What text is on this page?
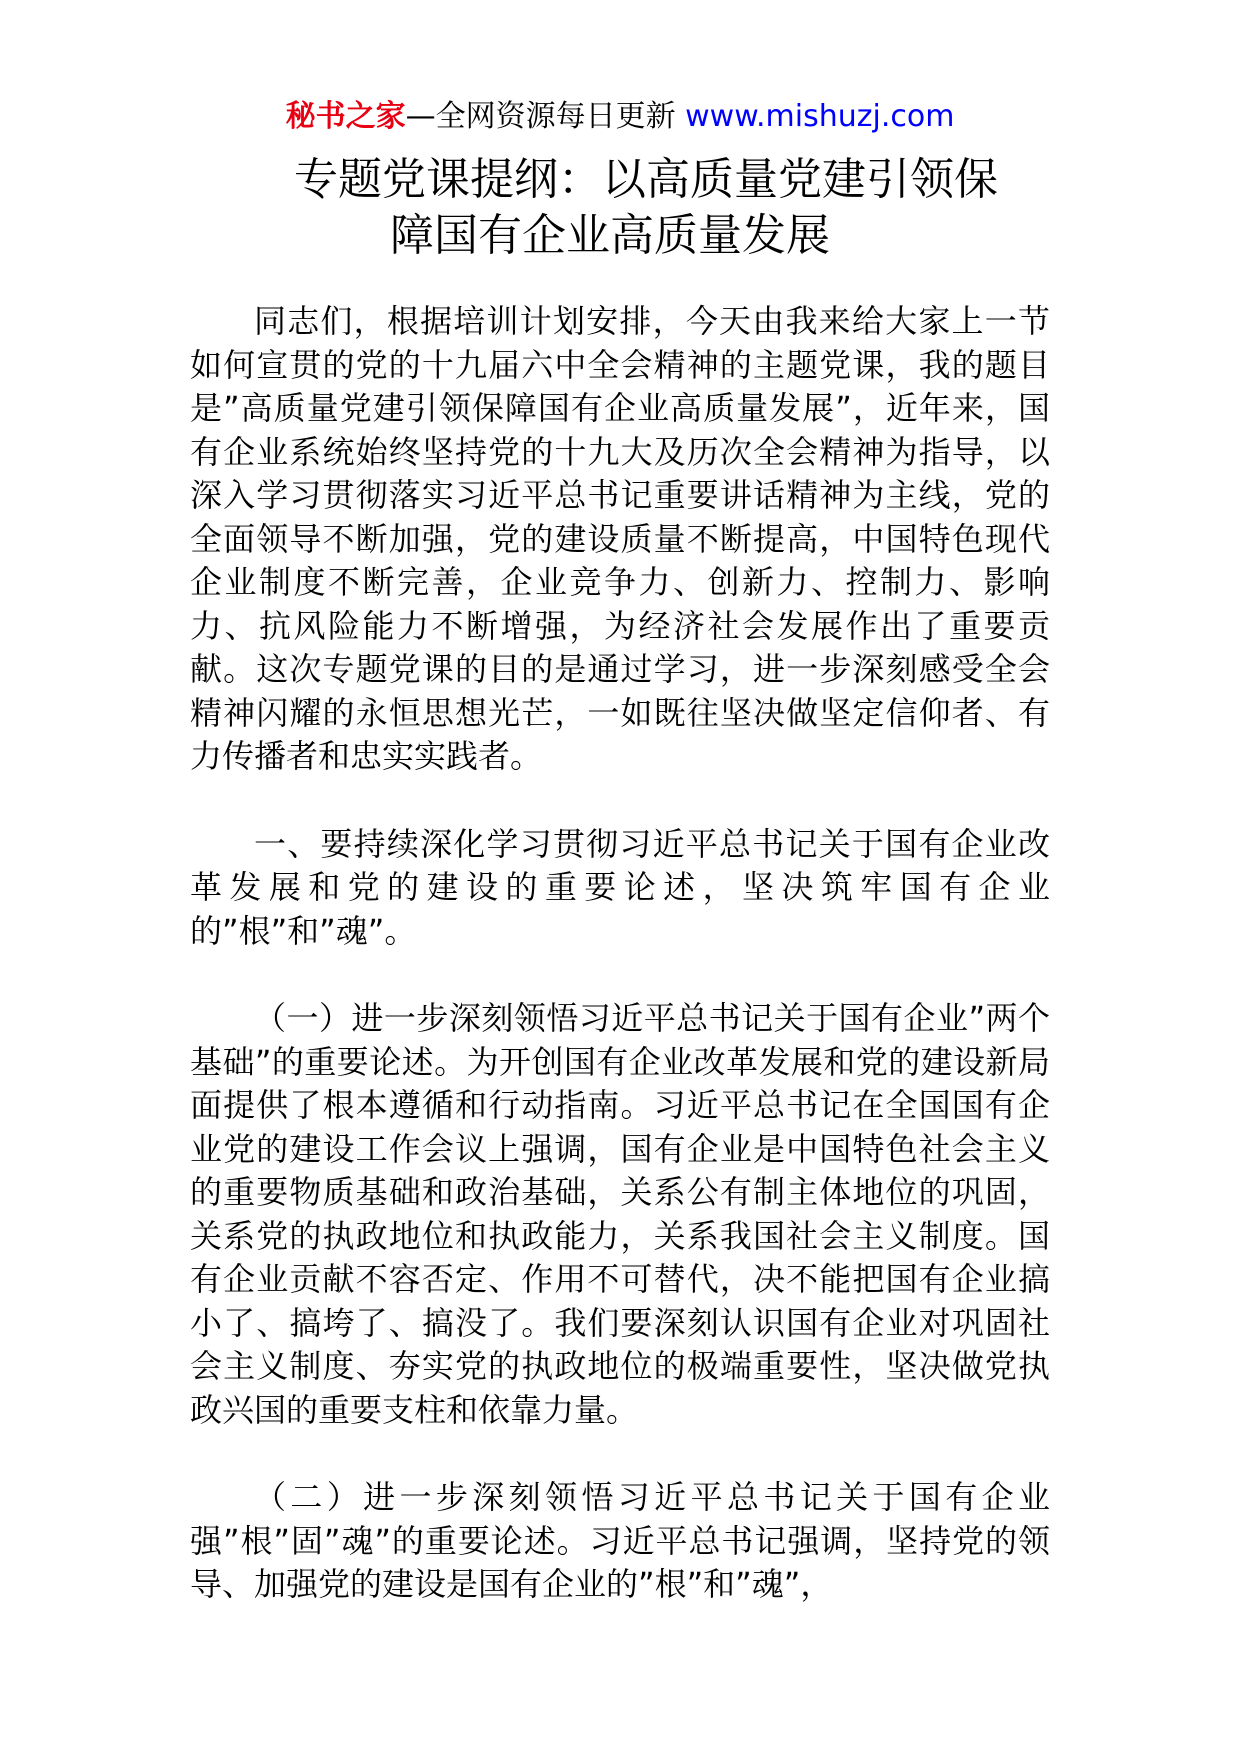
秘书之家—全网资源每日更新 www.mishuzj.com
专题党课提纲：以高质量党建引领保
障国有企业高质量发展

同志们，根据培训计划安排，今天由我来给大家上一节如何宣贯的党的十九届六中全会精神的主题党课，我的题目是”高质量党建引领保障国有企业高质量发展”，近年来，国有企业系统始终坚持党的十九大及历次全会精神为指导，以深入学习贯彻落实习近平总书记重要讲话精神为主线，党的全面领导不断加强，党的建设质量不断提高，中国特色现代企业制度不断完善，企业竞争力、创新力、控制力、影响力、抗风险能力不断增强，为经济社会发展作出了重要贡献。这次专题党课的目的是通过学习，进一步深刻感受全会精神闪耀的永恒思想光芒，一如既往坚决做坚定信仰者、有力传播者和忠实实践者。

一、要持续深化学习贯彻习近平总书记关于国有企业改革发展和党的建设的重要论述，坚决筑牢国有企业的”根”和”魂”。

（一）进一步深刻领悟习近平总书记关于国有企业”两个基础”的重要论述。为开创国有企业改革发展和党的建设新局面提供了根本遵循和行动指南。习近平总书记在全国国有企业党的建设工作会议上强调，国有企业是中国特色社会主义的重要物质基础和政治基础，关系公有制主体地位的巩固，关系党的执政地位和执政能力，关系我国社会主义制度。国有企业贡献不容否定、作用不可替代，决不能把国有企业搞小了、搞垮了、搞没了。我们要深刻认识国有企业对巩固社会主义制度、夯实党的执政地位的极端重要性，坚决做党执政兴国的重要支柱和依靠力量。

（二）进一步深刻领悟习近平总书记关于国有企业强”根”固”魂”的重要论述。习近平总书记强调，坚持党的领导、加强党的建设是国有企业的”根”和”魂”，
